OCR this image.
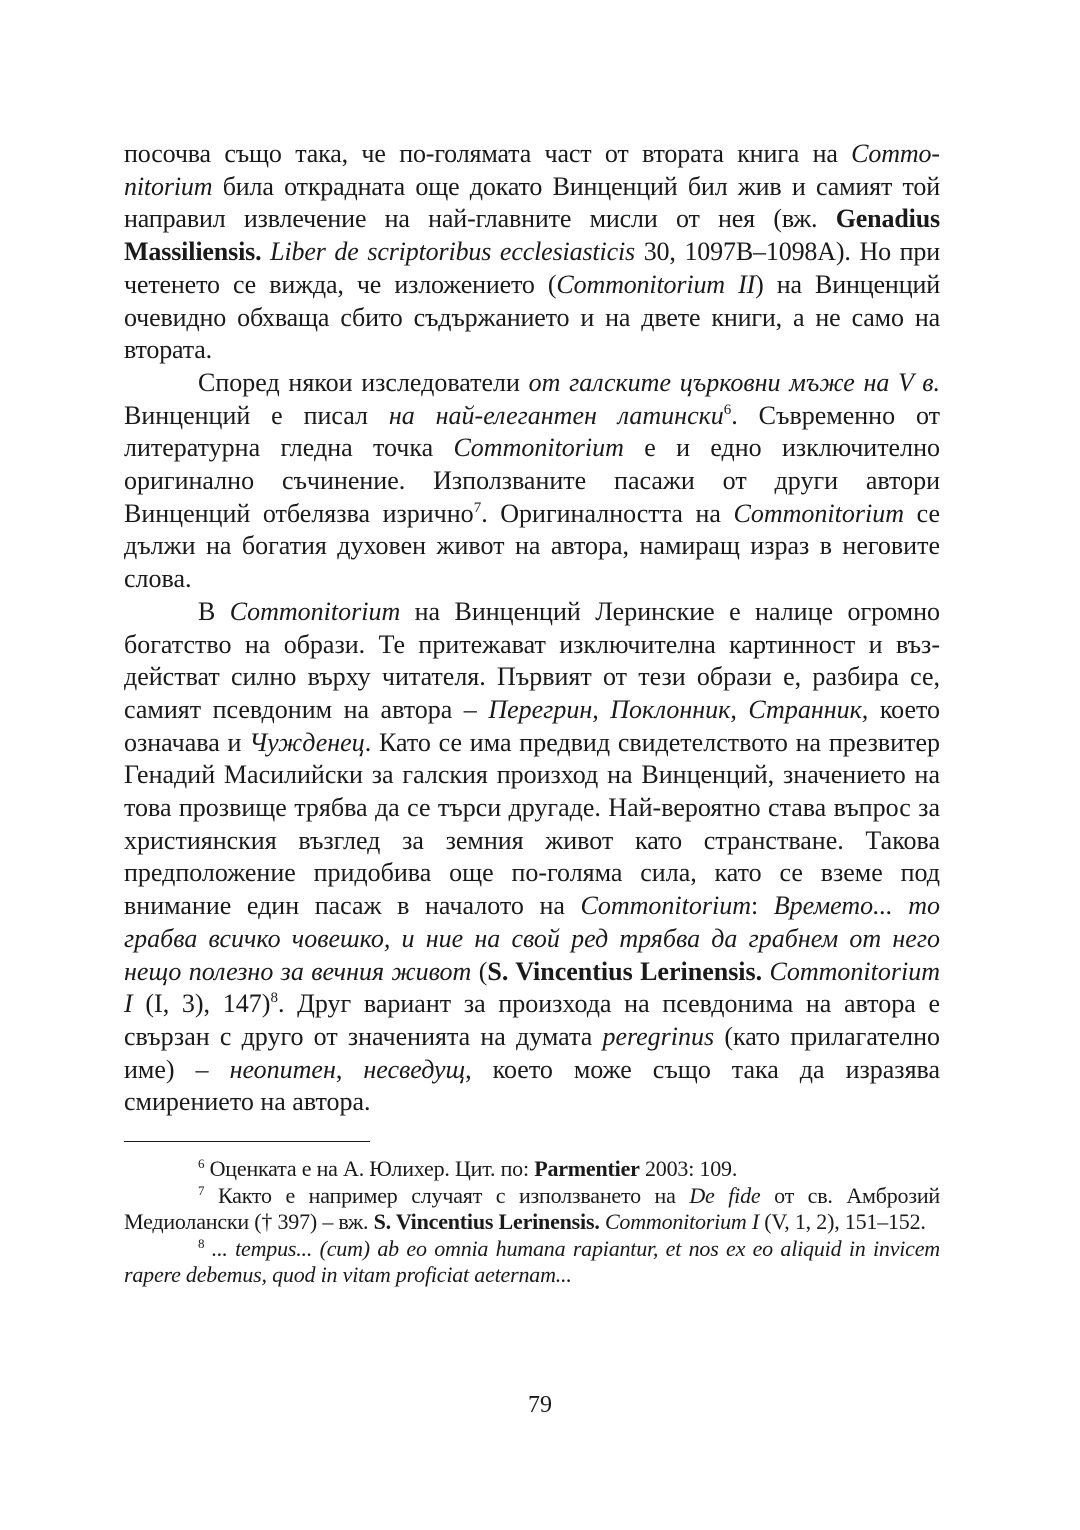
посочва също така, че по-голямата част от втората книга на Commonitorium била открадната още докато Винценций бил жив и самият той направил извлечение на най-главните мисли от нея (вж. Genadius Massiliensis. Liber de scriptoribus ecclesiasticis 30, 1097В–1098А). Но при четенето се вижда, че изложението (Commonitorium II) на Винценций очевидно обхваща сбито съдържанието и на двете книги, а не само на втората.

Според някои изследователи от галските църковни мъже на V в. Винценций е писал на най-елегантен латински$^6$. Съвременно от литературна гледна точка Commonitorium е и едно изключително оригинално съчинение. Използваните пасажи от други автори Винценций отбелязва изрично$^7$. Оригиналността на Commonitorium се дължи на богатия духовен живот на автора, намиращ израз в неговите слова.

В Commonitorium на Винценций Леринскиe е налице огромно богатство на образи. Те притежават изключителна картинност и въздействат силно върху читателя. Първият от тези образи е, разбира се, самият псевдоним на автора – Перегрин, Поклонник, Странник, което означава и Чужденец. Като се има предвид свидетелството на презвитер Генадий Масилийски за галския произход на Винценций, значението на това прозвище трябва да се търси другаде. Най-вероятно става въпрос за християнския възглед за земния живот като странстване. Такова предположение придобива още по-голяма сила, като се вземе под внимание един пасаж в началото на Commonitorium: Времето... то грабва всичко човешко, и ние на свой ред трябва да грабнем от него нещо полезно за вечния живот (S. Vincentius Lerinensis. Commonitorium I (I, 3), 147)$^8$. Друг вариант за произхода на псевдонима на автора е свързан с друго от значенията на думата peregrinus (като прилагателно име) – неопитен, несведущ, което може също така да изразява смирението на автора.

$^6$ Оценката е на А. Юлихер. Цит. по: Parmentier 2003: 109.

$^7$ Както е например случаят с използването на De fide от св. Амброзий Медиолански († 397) – вж. S. Vincentius Lerinensis. Commonitorium I (V, 1, 2), 151–152.

$^8$ ... tempus... (cum) ab eo omnia humana rapiantur, et nos ex eo aliquid in invicem rapere debemus, quod in vitam proficiat aeternam...

79
